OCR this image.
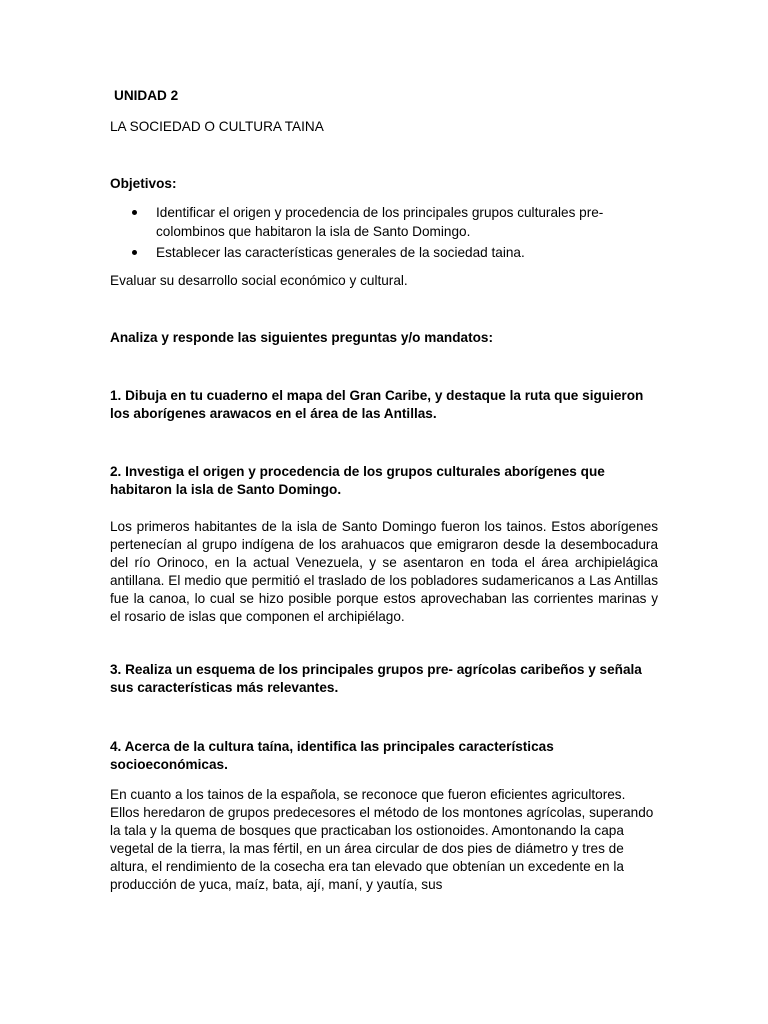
UNIDAD 2

LA SOCIEDAD O CULTURA TAINA

Objetivos:

Identificar el origen y procedencia de los principales grupos culturales pre-colombinos que habitaron la isla de Santo Domingo.
Establecer las características generales de la sociedad taina.

Evaluar su desarrollo social económico y cultural.

Analiza y responde las siguientes preguntas y/o mandatos:

1. Dibuja en tu cuaderno el mapa del Gran Caribe, y destaque la ruta que siguieron los aborígenes arawacos en el área de las Antillas.

2. Investiga el origen y procedencia de los grupos culturales aborígenes que habitaron la isla de Santo Domingo.

Los primeros habitantes de la isla de Santo Domingo fueron los tainos. Estos aborígenes pertenecían al grupo indígena de los arahuacos que emigraron desde la desembocadura del río Orinoco, en la actual Venezuela, y se asentaron en toda el área archipielágica antillana. El medio que permitió el traslado de los pobladores sudamericanos a Las Antillas fue la canoa, lo cual se hizo posible porque estos aprovechaban las corrientes marinas y el rosario de islas que componen el archipiélago.

3. Realiza un esquema de los principales grupos pre- agrícolas caribeños y señala sus características más relevantes.

4. Acerca de la cultura taína, identifica las principales características socioeconómicas.

En cuanto a los tainos de la española, se reconoce que fueron eficientes agricultores. Ellos heredaron de grupos predecesores el método de los montones agrícolas, superando la tala y la quema de bosques que practicaban los ostionoides. Amontonando la capa vegetal de la tierra, la mas fértil, en un área circular de dos pies de diámetro y tres de altura, el rendimiento de la cosecha era tan elevado que obtenían un excedente en la producción de yuca, maíz, bata, ají, maní, y yautía, sus
